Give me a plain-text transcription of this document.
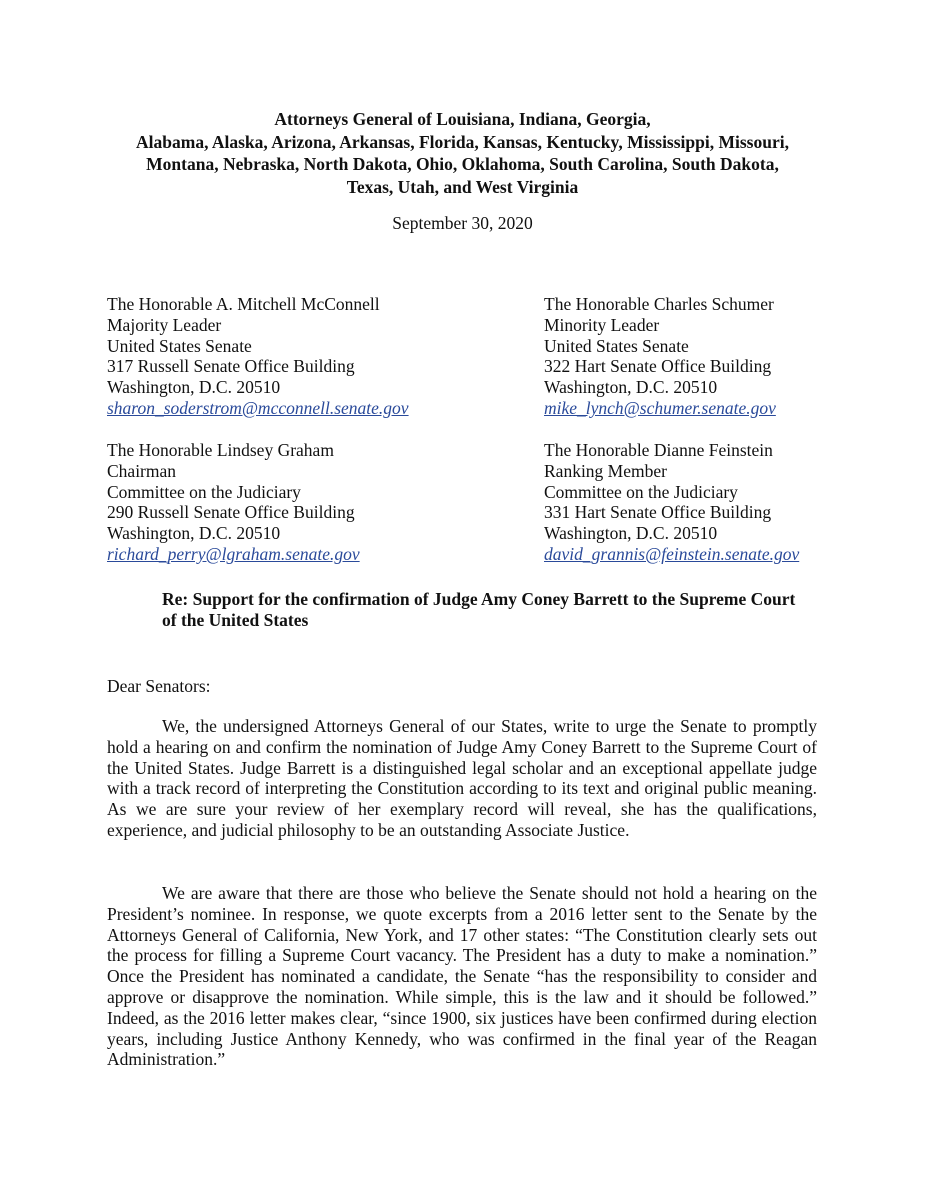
Attorneys General of Louisiana, Indiana, Georgia,
Alabama, Alaska, Arizona, Arkansas, Florida, Kansas, Kentucky, Mississippi, Missouri,
Montana, Nebraska, North Dakota, Ohio, Oklahoma, South Carolina, South Dakota,
Texas, Utah, and West Virginia

September 30, 2020

The Honorable A. Mitchell McConnell
Majority Leader
United States Senate
317 Russell Senate Office Building
Washington, D.C. 20510
sharon_soderstrom@mcconnell.senate.gov
The Honorable Charles Schumer
Minority Leader
United States Senate
322 Hart Senate Office Building
Washington, D.C. 20510
mike_lynch@schumer.senate.gov
The Honorable Lindsey Graham
Chairman
Committee on the Judiciary
290 Russell Senate Office Building
Washington, D.C. 20510
richard_perry@lgraham.senate.gov
The Honorable Dianne Feinstein
Ranking Member
Committee on the Judiciary
331 Hart Senate Office Building
Washington, D.C. 20510
david_grannis@feinstein.senate.gov

Re: Support for the confirmation of Judge Amy Coney Barrett to the Supreme Court of the United States

Dear Senators:

We, the undersigned Attorneys General of our States, write to urge the Senate to promptly hold a hearing on and confirm the nomination of Judge Amy Coney Barrett to the Supreme Court of the United States. Judge Barrett is a distinguished legal scholar and an exceptional appellate judge with a track record of interpreting the Constitution according to its text and original public meaning. As we are sure your review of her exemplary record will reveal, she has the qualifications, experience, and judicial philosophy to be an outstanding Associate Justice.

We are aware that there are those who believe the Senate should not hold a hearing on the President’s nominee. In response, we quote excerpts from a 2016 letter sent to the Senate by the Attorneys General of California, New York, and 17 other states: “The Constitution clearly sets out the process for filling a Supreme Court vacancy. The President has a duty to make a nomination.” Once the President has nominated a candidate, the Senate “has the responsibility to consider and approve or disapprove the nomination. While simple, this is the law and it should be followed.” Indeed, as the 2016 letter makes clear, “since 1900, six justices have been confirmed during election years, including Justice Anthony Kennedy, who was confirmed in the final year of the Reagan Administration.”
